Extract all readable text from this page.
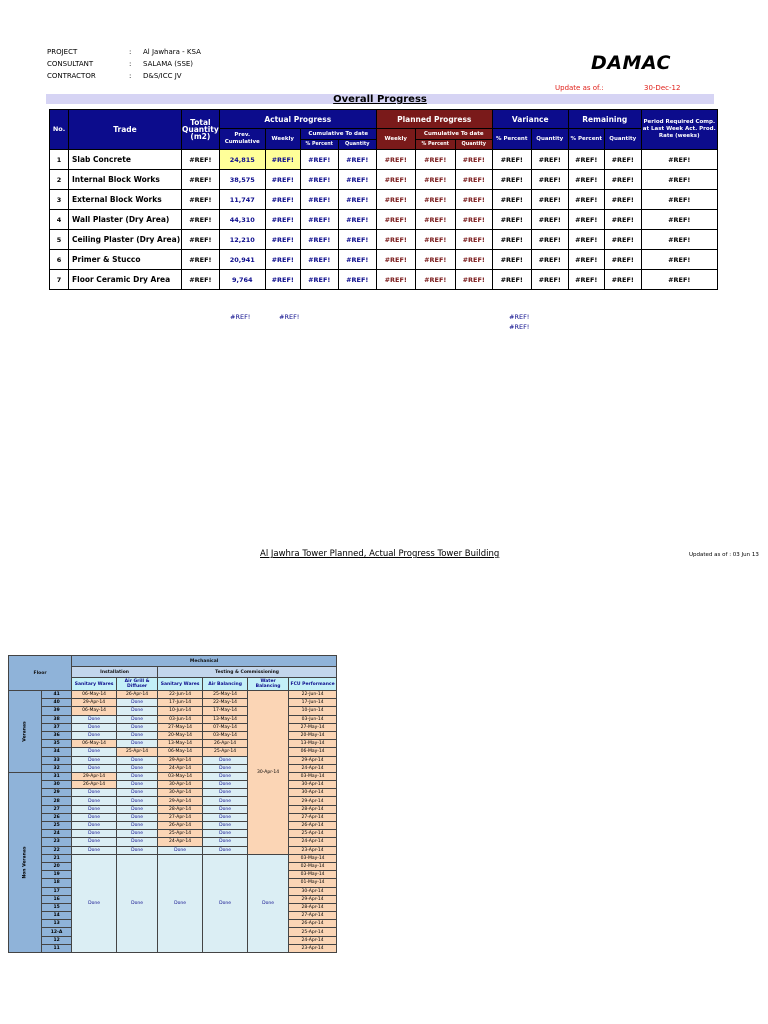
PROJECT	: Al Jawhara - KSA
CONSULTANT	: SALAMA (SSE)
CONTRACTOR	: D&S/ICC JV
DAMAC
Update as of.:	30-Dec-12
Overall Progress
No.	Trade	Total Quantity (m2)	Actual Progress				Planned Progress			Variance		Remaining		Period Required Comp. at Last Week Act. Prod. Rate (weeks)
			Prev. Cumulative	Weekly	Cumulative To date		Weekly	Cumulative To date		% Percent	Quantity	% Percent	Quantity	
					% Percent	Quantity		% Percent	Quantity					
1	Slab Concrete	#REF!	24,815	#REF!	#REF!	#REF!	#REF!	#REF!	#REF!	#REF!	#REF!	#REF!	#REF!	#REF!
2	Internal Block Works	#REF!	38,575	#REF!	#REF!	#REF!	#REF!	#REF!	#REF!	#REF!	#REF!	#REF!	#REF!	#REF!
3	External Block Works	#REF!	11,747	#REF!	#REF!	#REF!	#REF!	#REF!	#REF!	#REF!	#REF!	#REF!	#REF!	#REF!
4	Wall Plaster (Dry Area)	#REF!	44,310	#REF!	#REF!	#REF!	#REF!	#REF!	#REF!	#REF!	#REF!	#REF!	#REF!	#REF!
5	Ceiling Plaster (Dry Area)	#REF!	12,210	#REF!	#REF!	#REF!	#REF!	#REF!	#REF!	#REF!	#REF!	#REF!	#REF!	#REF!
6	Primer & Stucco	#REF!	20,941	#REF!	#REF!	#REF!	#REF!	#REF!	#REF!	#REF!	#REF!	#REF!	#REF!	#REF!
7	Floor Ceramic Dry Area	#REF!	9,764	#REF!	#REF!	#REF!	#REF!	#REF!	#REF!	#REF!	#REF!	#REF!	#REF!	#REF!
#REF!	#REF!	#REF!
#REF!
Al Jawhra Tower Planned, Actual Progress Tower Building	Updated as of : 03 Jun 13
Floor		Mechanical					
		Installation		Testing & Commissioning			
		Sanitary Wares	Air Grill & Diffuser	Sanitary Wares	Air Balancing	Water Balancing	FCU Performance
Veranas	41	06-May-14	26-Apr-14	22-Jun-14	25-May-14	30-Apr-14	22-Jun-14
	40	29-Apr-14	Done	17-Jun-14	22-May-14		17-Jun-14
	39	06-May-14	Done	10-Jun-14	17-May-14		10-Jun-14
	38	Done	Done	03-Jun-14	13-May-14		03-Jun-14
	37	Done	Done	27-May-14	07-May-14		27-May-14
	36	Done	Done	20-May-14	03-May-14		20-May-14
	35	06-May-14	Done	13-May-14	26-Apr-14		13-May-14
	34	Done	25-Apr-14	06-May-14	25-Apr-14		06-May-14
	33	Done	Done	29-Apr-14	Done		29-Apr-14
	32	Done	Done	24-Apr-14	Done		24-Apr-14
Non Veranas	31	29-Apr-14	Done	03-May-14	Done		03-May-14
	30	26-Apr-14	Done	30-Apr-14	Done		30-Apr-14
	29	Done	Done	30-Apr-14	Done		30-Apr-14
	28	Done	Done	29-Apr-14	Done		29-Apr-14
	27	Done	Done	28-Apr-14	Done		28-Apr-14
	26	Done	Done	27-Apr-14	Done		27-Apr-14
	25	Done	Done	26-Apr-14	Done		26-Apr-14
	24	Done	Done	25-Apr-14	Done		25-Apr-14
	23	Done	Done	24-Apr-14	Done		24-Apr-14
	22	Done	Done	Done	Done		23-Apr-14
	21	Done	Done	Done	Done	Done	03-May-14
	20						02-May-14
	19						03-May-14
	18						01-May-14
	17						30-Apr-14
	16						29-Apr-14
	15						28-Apr-14
	14						27-Apr-14
	13						26-Apr-14
	12-A						25-Apr-14
	12						24-Apr-14
	11						23-Apr-14
